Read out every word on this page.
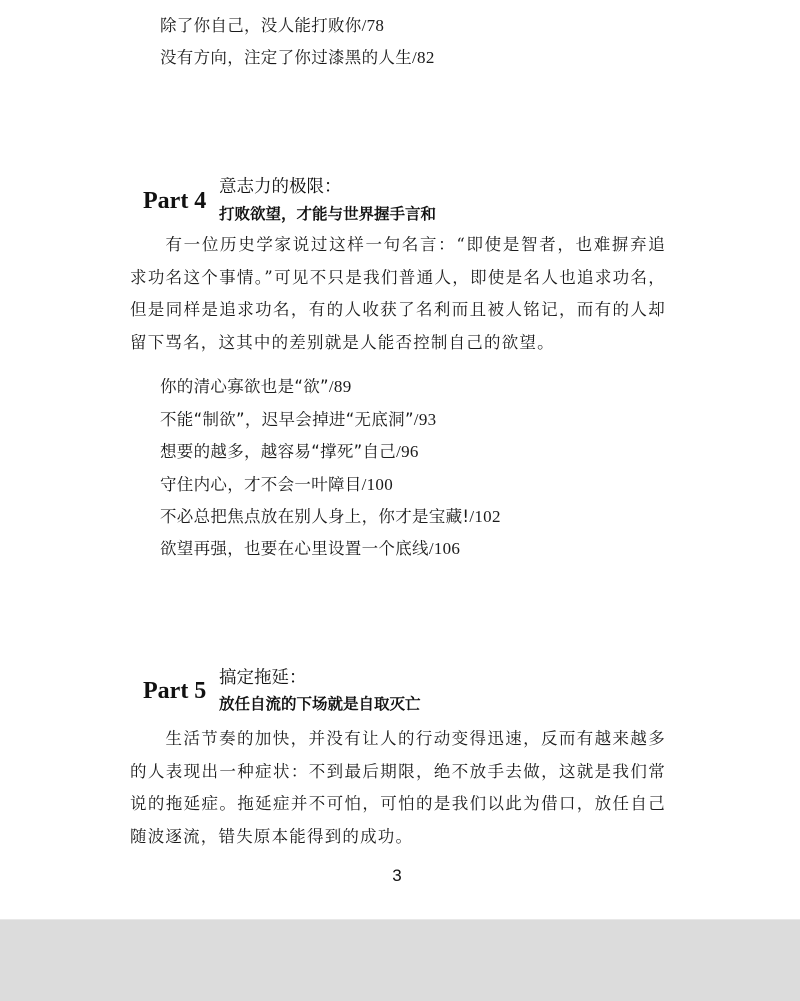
除了你自己，没人能打败你/78
没有方向，注定了你过漆黑的人生/82
Part 4
意志力的极限：
打败欲望，才能与世界握手言和

有一位历史学家说过这样一句名言：“即使是智者，也难摒弃追求功名这个事情。”可见不只是我们普通人，即使是名人也追求功名，但是同样是追求功名，有的人收获了名利而且被人铭记，而有的人却留下骂名，这其中的差别就是人能否控制自己的欲望。

你的清心寡欲也是“欲”/89
不能“制欲”，迟早会掉进“无底洞”/93
想要的越多，越容易“撑死”自己/96
守住内心，才不会一叶障目/100
不必总把焦点放在别人身上，你才是宝藏!/102
欲望再强，也要在心里设置一个底线/106
Part 5 搞定拖延：
放任自流的下场就是自取灭亡

生活节奏的加快，并没有让人的行动变得迅速，反而有越来越多的人表现出一种症状：不到最后期限，绝不放手去做，这就是我们常说的拖延症。拖延症并不可怕，可怕的是我们以此为借口，放任自己随波逐流，错失原本能得到的成功。

3
